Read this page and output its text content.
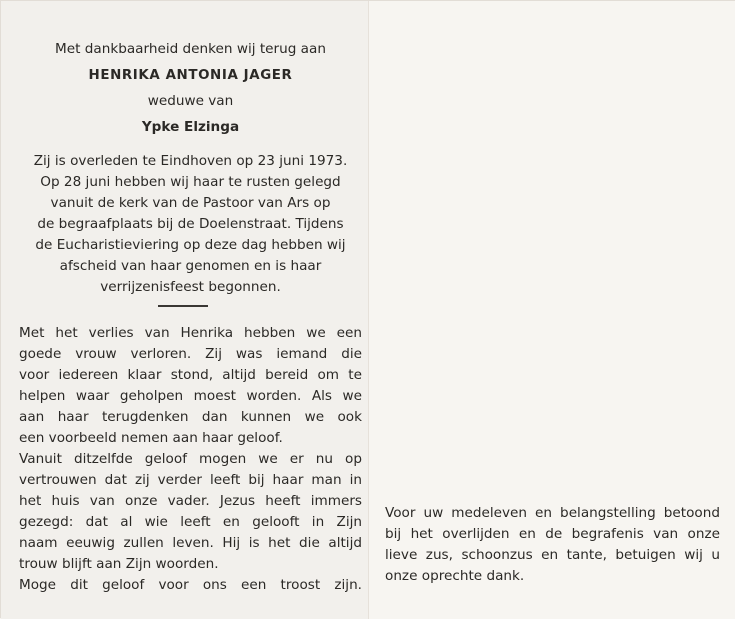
Met dankbaarheid denken wij terug aan
HENRIKA ANTONIA JAGER
weduwe van
Ypke Elzinga
Zij is overleden te Eindhoven op 23 juni 1973.
Op 28 juni hebben wij haar te rusten gelegd
vanuit de kerk van de Pastoor van Ars op
de begraafplaats bij de Doelenstraat. Tijdens
de Eucharistieviering op deze dag hebben wij
afscheid van haar genomen en is haar
verrijzenisfeest begonnen.
Met het verlies van Henrika hebben we een
goede vrouw verloren. Zij was iemand die
voor iedereen klaar stond, altijd bereid om te
helpen waar geholpen moest worden. Als we
aan haar terugdenken dan kunnen we ook
een voorbeeld nemen aan haar geloof.
Vanuit ditzelfde geloof mogen we er nu op
vertrouwen dat zij verder leeft bij haar man in
het huis van onze vader. Jezus heeft immers
gezegd: dat al wie leeft en gelooft in Zijn
naam eeuwig zullen leven. Hij is het die altijd
trouw blijft aan Zijn woorden.
Moge dit geloof voor ons een troost zijn.
Voor uw medeleven en belangstelling betoond
bij het overlijden en de begrafenis van onze
lieve zus, schoonzus en tante, betuigen wij u
onze oprechte dank.
